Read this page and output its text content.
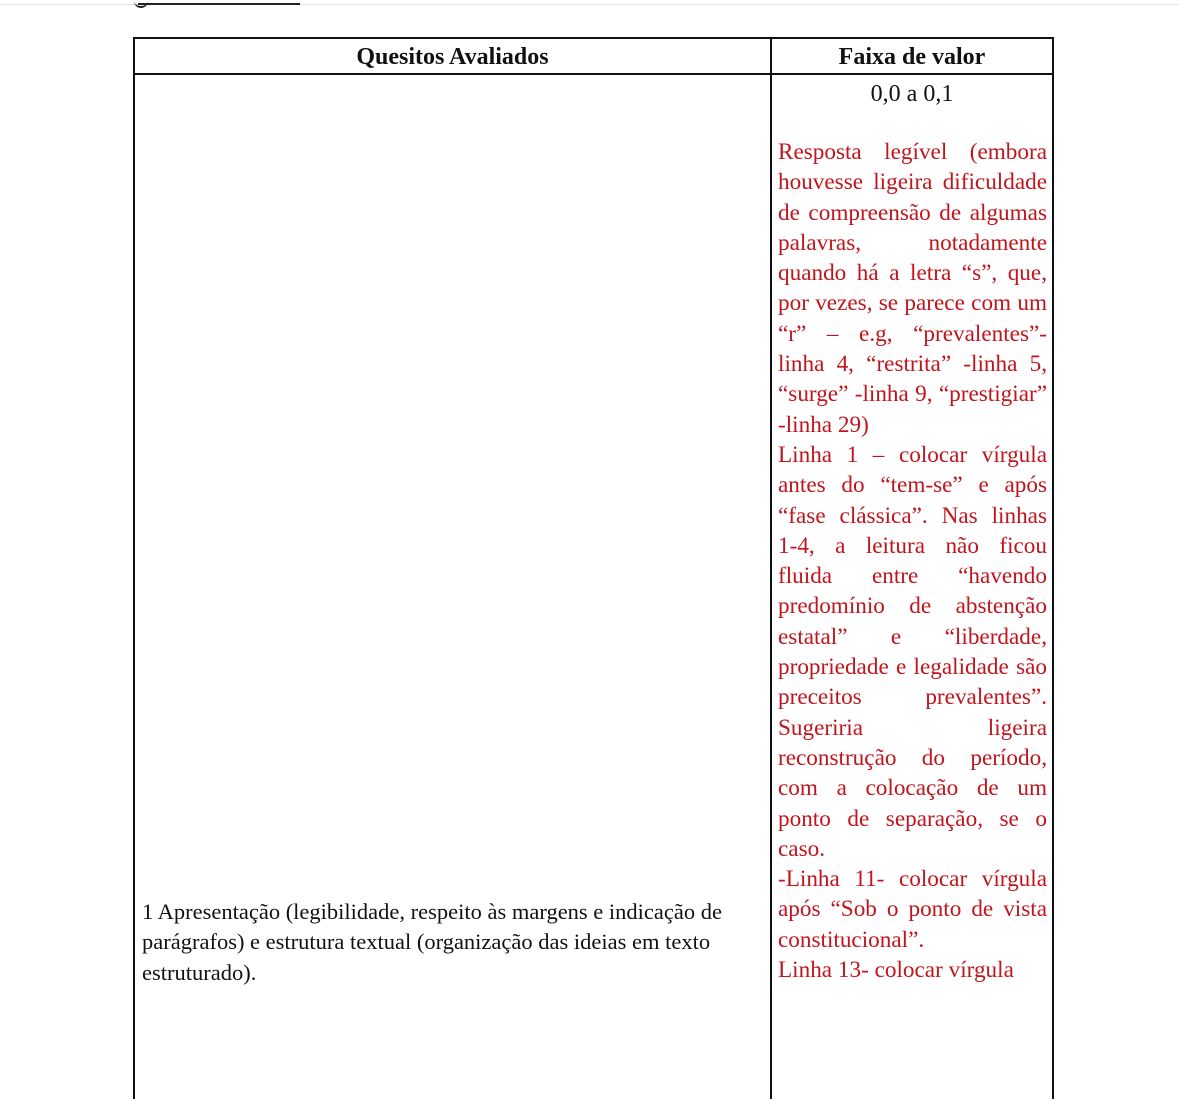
Quesitos Avaliados	Faixa de valor

1 Apresentação (legibilidade, respeito às margens e indicação de parágrafos) e estrutura textual (organização das ideias em texto estruturado).

0,0 a 0,1

Resposta legível (embora houvesse ligeira dificuldade de compreensão de algumas palavras, notadamente quando há a letra “s”, que, por vezes, se parece com um “r” – e.g, “prevalentes”- linha 4, “restrita” -linha 5, “surge” -linha 9, “prestigiar” -linha 29)

Linha 1 – colocar vírgula antes do “tem-se” e após “fase clássica”. Nas linhas 1-4, a leitura não ficou fluida entre “havendo predomínio de abstenção estatal” e “liberdade, propriedade e legalidade são preceitos prevalentes”. Sugeriria ligeira reconstrução do período, com a colocação de um ponto de separação, se o caso.

-Linha 11- colocar vírgula após “Sob o ponto de vista constitucional”.

Linha 13- colocar vírgula
